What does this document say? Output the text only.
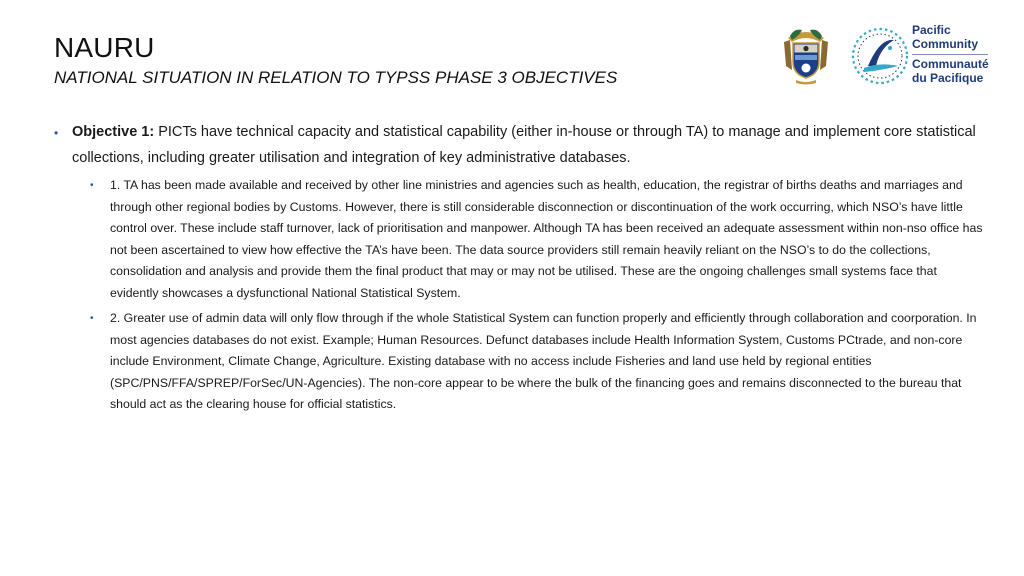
NAURU
NATIONAL SITUATION IN RELATION TO TYPSS PHASE 3 OBJECTIVES
Pacific
Community
Communauté
du Pacifique
• Objective 1: PICTs have technical capacity and statistical capability (either in-house or through TA) to manage and implement core statistical collections, including greater utilisation and integration of key administrative databases.
• 1. TA has been made available and received by other line ministries and agencies such as health, education, the registrar of births deaths and marriages and through other regional bodies by Customs. However, there is still considerable disconnection or discontinuation of the work occurring, which NSO’s have little control over. These include staff turnover, lack of prioritisation and manpower. Although TA has been received an adequate assessment within non-nso office has not been ascertained to view how effective the TA’s have been. The data source providers still remain heavily reliant on the NSO’s to do the collections, consolidation and analysis and provide them the final product that may or may not be utilised. These are the ongoing challenges small systems face that evidently showcases a dysfunctional National Statistical System.
• 2. Greater use of admin data will only flow through if the whole Statistical System can function properly and efficiently through collaboration and coorporation. In most agencies databases do not exist. Example; Human Resources. Defunct databases include Health Information System, Customs PCtrade, and non-core include Environment, Climate Change, Agriculture. Existing database with no access include Fisheries and land use held by regional entities (SPC/PNS/FFA/SPREP/ForSec/UN-Agencies). The non-core appear to be where the bulk of the financing goes and remains disconnected to the bureau that should act as the clearing house for official statistics.
